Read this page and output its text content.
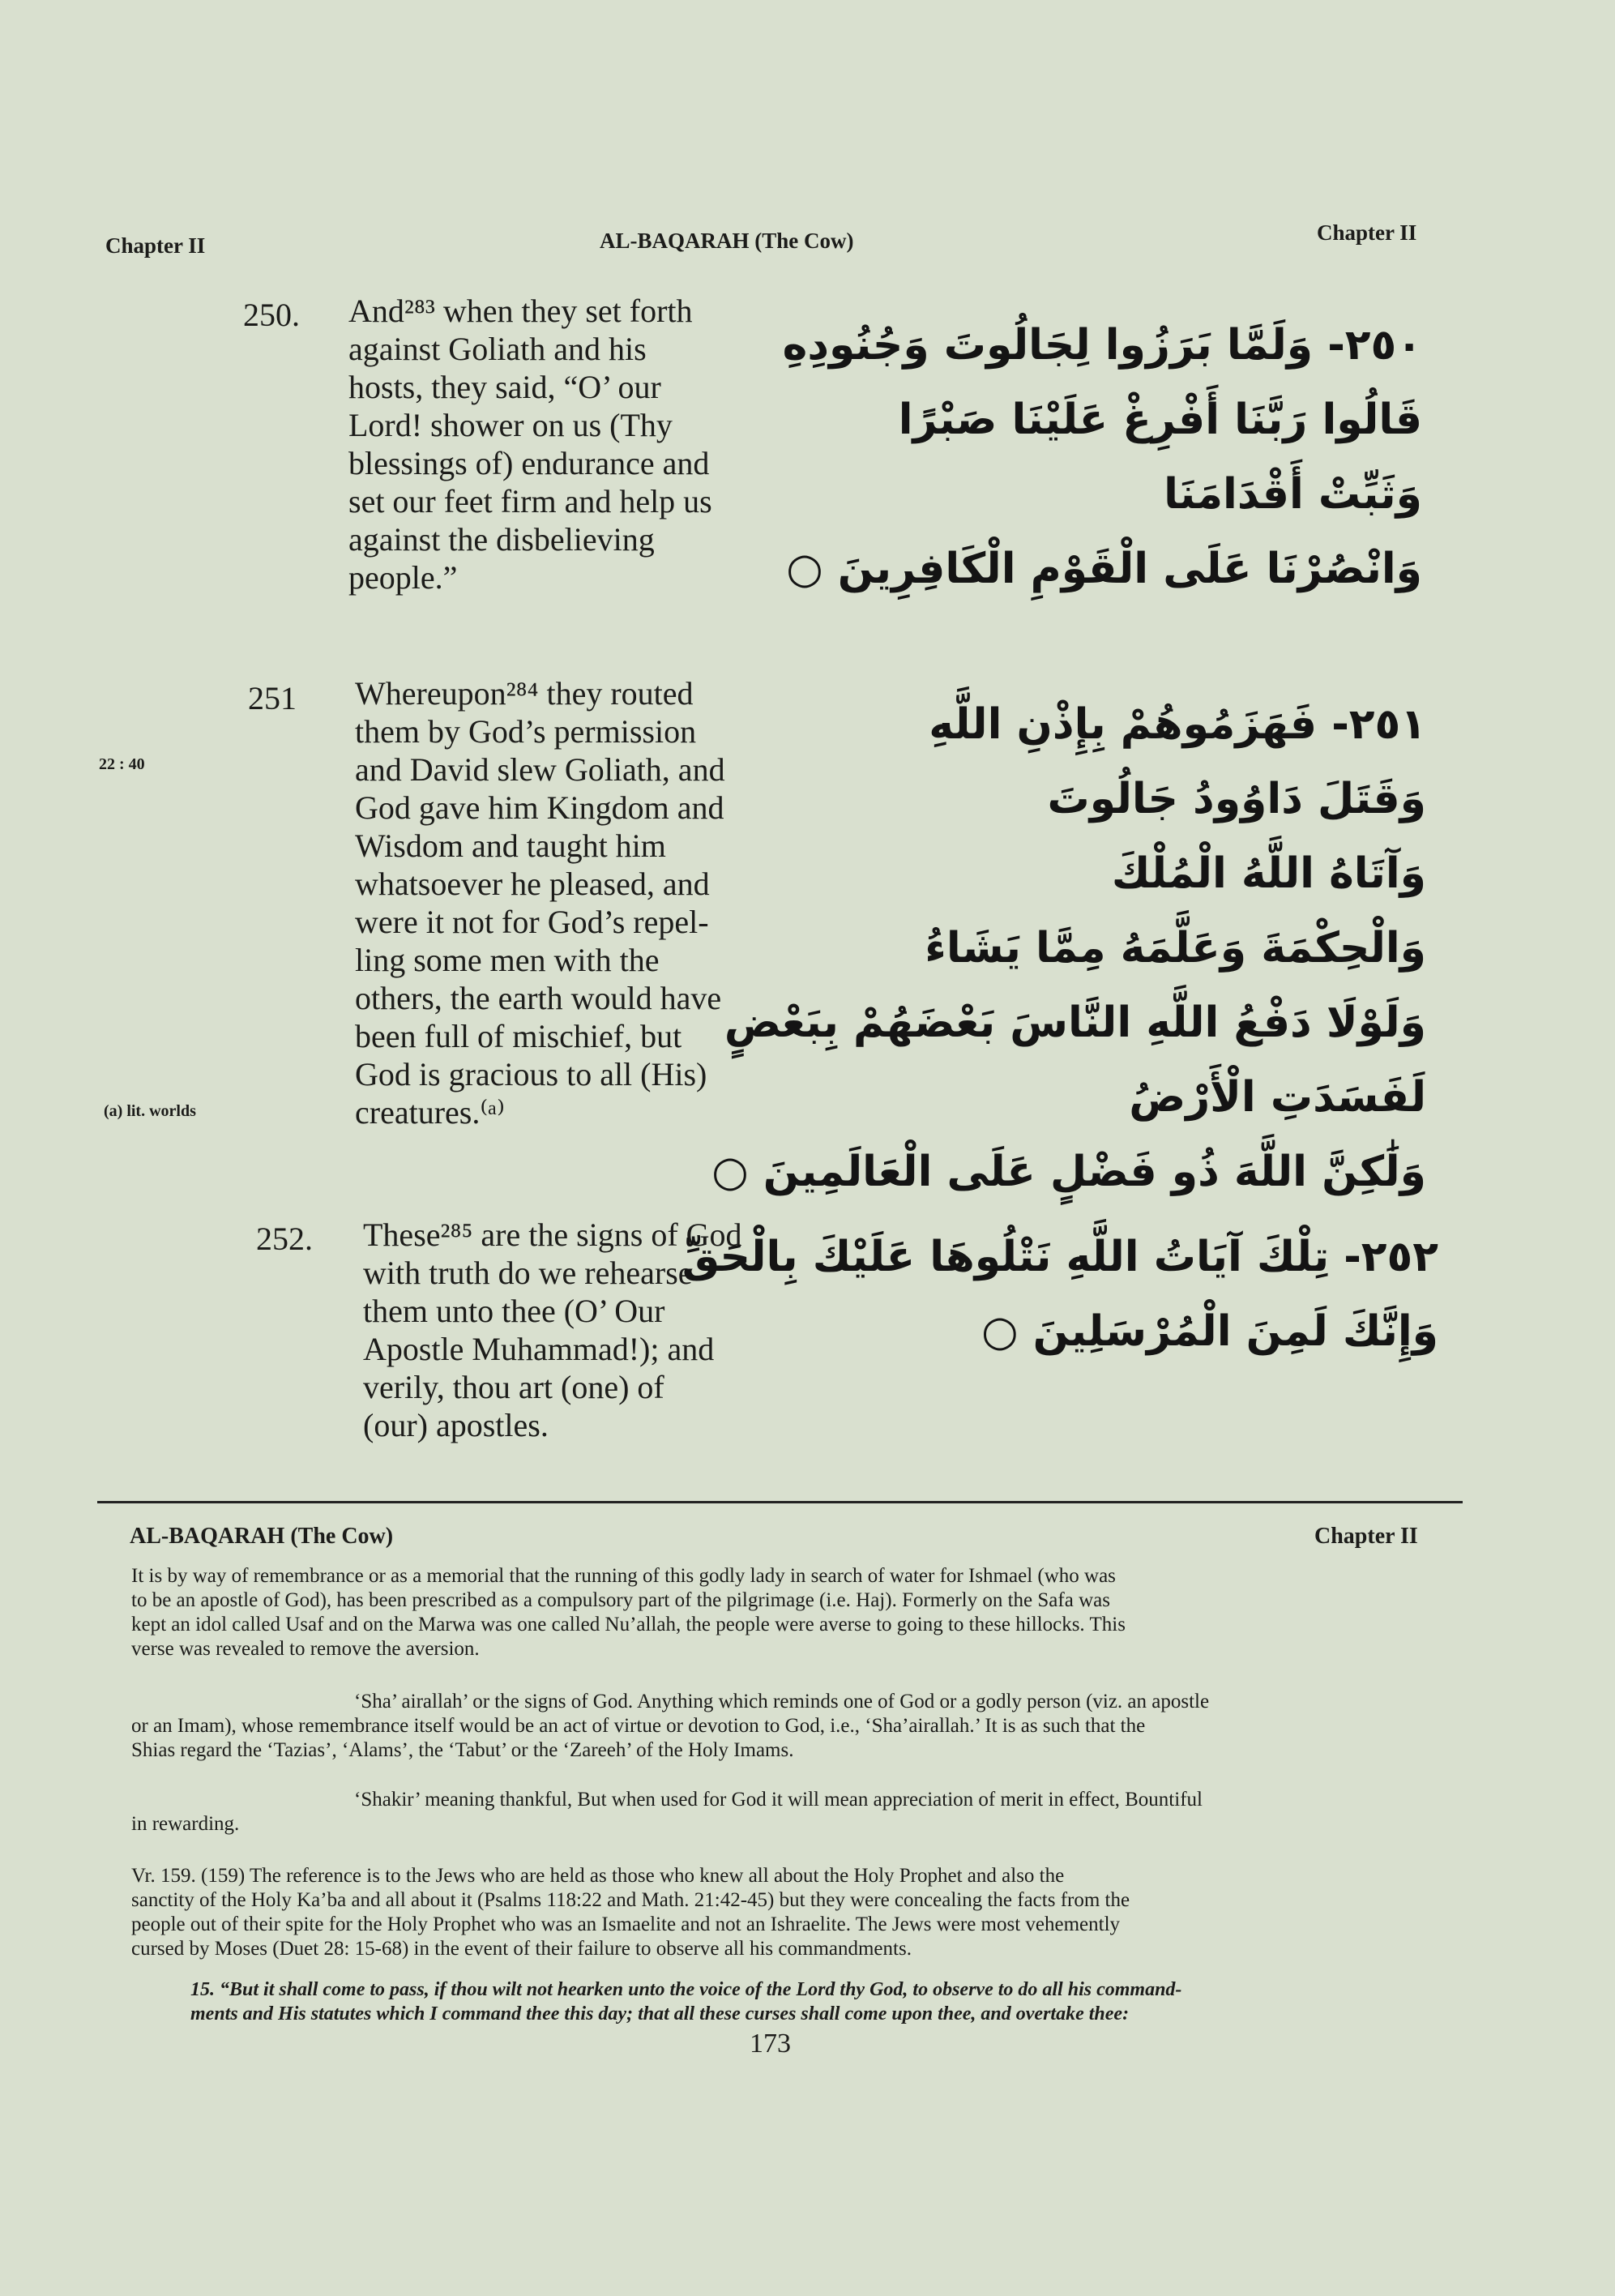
Chapter II	AL-BAQARAH (The Cow)	Chapter II
250. And²⁸³ when they set forth
against Goliath and his
hosts, they said, “O’ our
Lord! shower on us (Thy
blessings of) endurance and
set our feet firm and help us
against the disbelieving
people.”
٢٥٠- وَلَمَّا بَرَزُوا لِجَالُوتَ وَجُنُودِهِ
قَالُوا رَبَّنَا أَفْرِغْ عَلَيْنَا صَبْرًا
وَثَبِّتْ أَقْدَامَنَا
وَانْصُرْنَا عَلَى الْقَوْمِ الْكَافِرِينَ ○
251
22 : 40
(a) lit. worlds
Whereupon²⁸⁴ they routed
them by God’s permission
and David slew Goliath, and
God gave him Kingdom and
Wisdom and taught him
whatsoever he pleased, and
were it not for God’s repel-
ling some men with the
others, the earth would have
been full of mischief, but
God is gracious to all (His)
creatures.⁽ᵃ⁾
٢٥١- فَهَزَمُوهُمْ بِإِذْنِ اللَّهِ
وَقَتَلَ دَاوُودُ جَالُوتَ
وَآتَاهُ اللَّهُ الْمُلْكَ
وَالْحِكْمَةَ وَعَلَّمَهُ مِمَّا يَشَاءُ
وَلَوْلَا دَفْعُ اللَّهِ النَّاسَ بَعْضَهُمْ بِبَعْضٍ
لَفَسَدَتِ الْأَرْضُ
وَلَٰكِنَّ اللَّهَ ذُو فَضْلٍ عَلَى الْعَالَمِينَ ○
252. These²⁸⁵ are the signs of God
with truth do we rehearse
them unto thee (O’ Our
Apostle Muhammad!); and
verily, thou art (one) of
(our) apostles.
٢٥٢- تِلْكَ آيَاتُ اللَّهِ نَتْلُوهَا عَلَيْكَ بِالْحَقِّ
وَإِنَّكَ لَمِنَ الْمُرْسَلِينَ ○
AL-BAQARAH (The Cow)	Chapter II
It is by way of remembrance or as a memorial that the running of this godly lady in search of water for Ishmael (who was
to be an apostle of God), has been prescribed as a compulsory part of the pilgrimage (i.e. Haj). Formerly on the Safa was
kept an idol called Usaf and on the Marwa was one called Nu’allah, the people were averse to going to these hillocks. This
verse was revealed to remove the aversion.
‘Sha’ airallah’ or the signs of God. Anything which reminds one of God or a godly person (viz. an apostle
or an Imam), whose remembrance itself would be an act of virtue or devotion to God, i.e., ‘Sha’airallah.’ It is as such that the
Shias regard the ‘Tazias’, ‘Alams’, the ‘Tabut’ or the ‘Zareeh’ of the Holy Imams.
‘Shakir’ meaning thankful, But when used for God it will mean appreciation of merit in effect, Bountiful
in rewarding.
Vr. 159. (159) The reference is to the Jews who are held as those who knew all about the Holy Prophet and also the
sanctity of the Holy Ka’ba and all about it (Psalms 118:22 and Math. 21:42-45) but they were concealing the facts from the
people out of their spite for the Holy Prophet who was an Ismaelite and not an Ishraelite. The Jews were most vehemently
cursed by Moses (Duet 28: 15-68) in the event of their failure to observe all his commandments.
15. “But it shall come to pass, if thou wilt not hearken unto the voice of the Lord thy God, to observe to do all his command-
ments and His statutes which I command thee this day; that all these curses shall come upon thee, and overtake thee:
173
